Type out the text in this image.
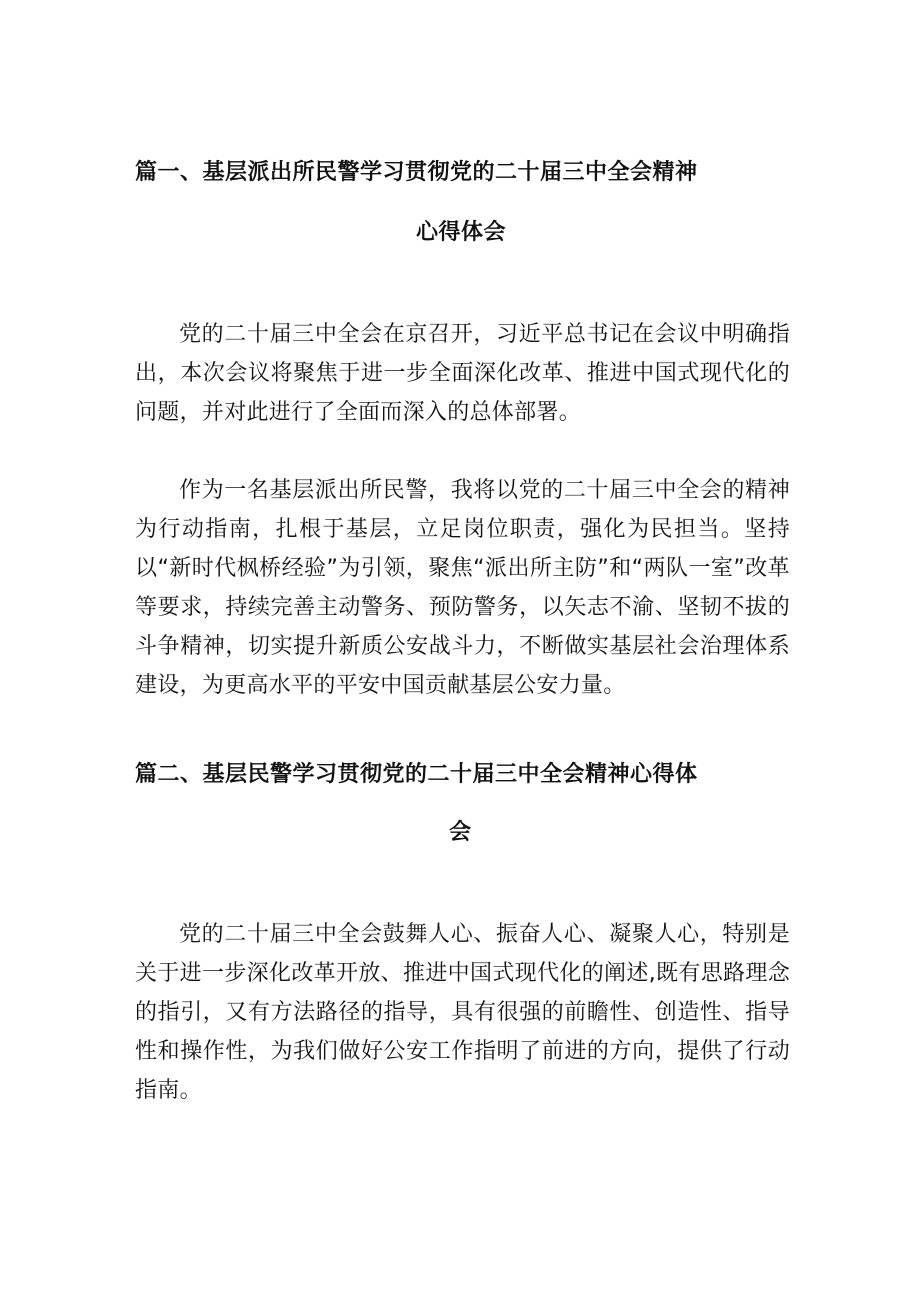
篇一、基层派出所民警学习贯彻党的二十届三中全会精神
心得体会
党的二十届三中全会在京召开，习近平总书记在会议中明确指出，本次会议将聚焦于进一步全面深化改革、推进中国式现代化的问题，并对此进行了全面而深入的总体部署。
作为一名基层派出所民警，我将以党的二十届三中全会的精神为行动指南，扎根于基层，立足岗位职责，强化为民担当。坚持以“新时代枫桥经验”为引领，聚焦“派出所主防”和“两队一室”改革等要求，持续完善主动警务、预防警务，以矢志不渝、坚韧不拔的斗争精神，切实提升新质公安战斗力，不断做实基层社会治理体系建设，为更高水平的平安中国贡献基层公安力量。
篇二、基层民警学习贯彻党的二十届三中全会精神心得体
会
党的二十届三中全会鼓舞人心、振奋人心、凝聚人心，特别是关于进一步深化改革开放、推进中国式现代化的阐述,既有思路理念的指引，又有方法路径的指导，具有很强的前瞻性、创造性、指导性和操作性，为我们做好公安工作指明了前进的方向，提供了行动指南。
